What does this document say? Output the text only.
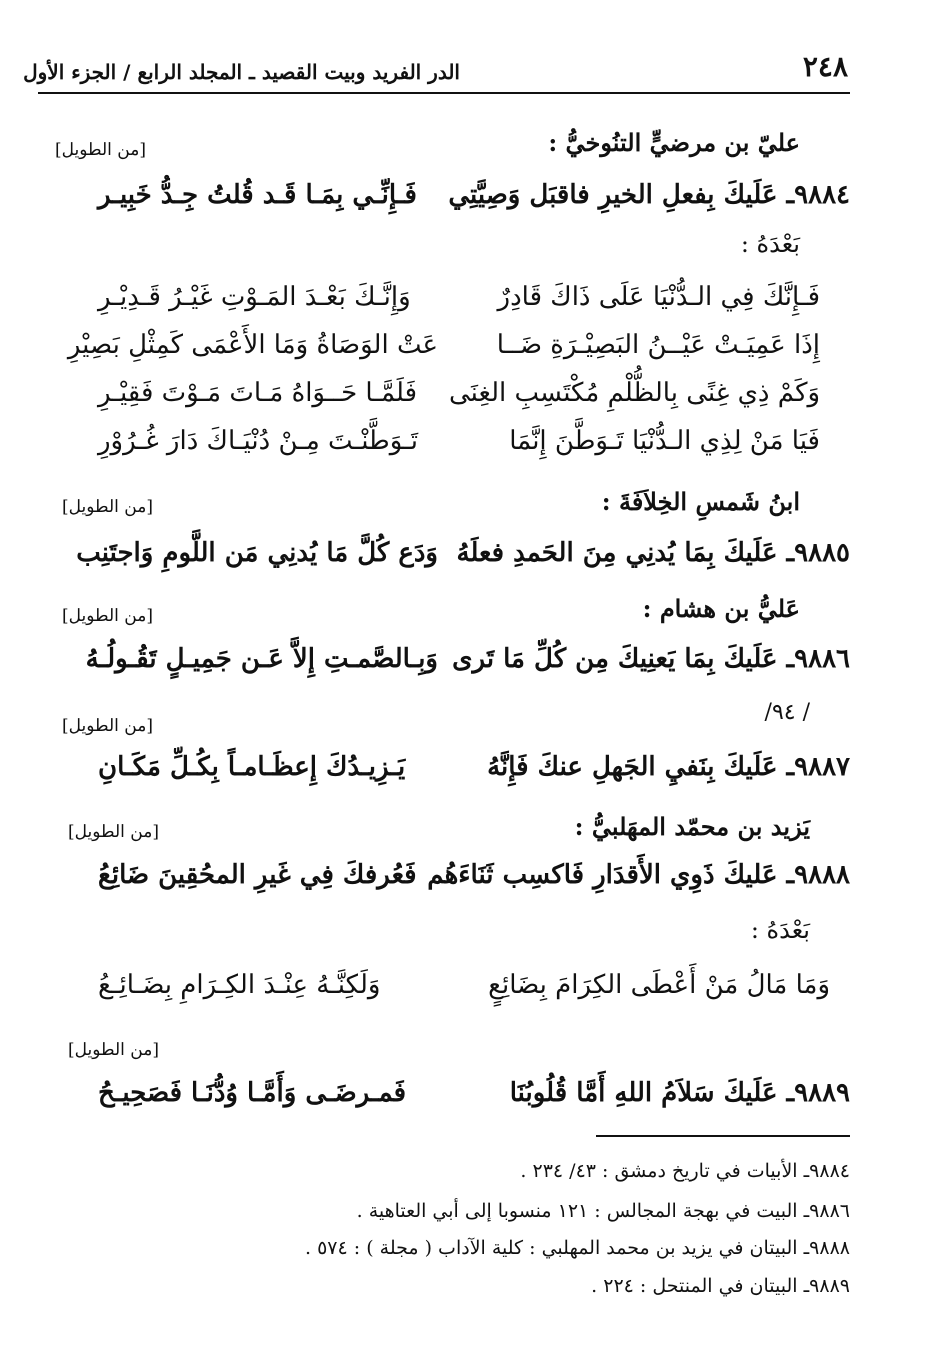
٢٤٨
الدر الفريد وبيت القصيد ـ المجلد الرابع / الجزء الأول
عليّ بن مرضيٍّ التنُوخيُّ :
[من الطويل]
٩٨٨٤ـ عَلَيكَ بِفعلِ الخيرِ فاقبَل وَصِيَّتِي
فَـإِنِّـي بِمَـا قَـد قُلتُ جِـدُّ خَبِيـر
بَعْدَهُ :
فَـإِنَّكَ فِي الـدُّنْيَا عَلَى ذَاكَ قَادِرٌ
وَإِنَّـكَ بَعْـدَ المَـوْتِ غَيْـرُ قَـدِيْـرِ
إِذَا عَمِيَـتْ عَيْــنُ البَصِيْـرَةِ ضَــا
عَتْ الوَصَاةُ وَمَا الأَعْمَى كَمِثْلِ بَصِيْرِ
وَكَمْ ذِي غِنًى بِالظُّلْمِ مُكْتَسِبِ الغِنَى
فَلَمَّـا حَــوَاهُ مَـاتَ مَـوْتَ فَقِيْـرِ
فَيَا مَنْ لِذِي الـدُّنْيَا تَـوَطَّنَ إِنَّمَا
تَـوَطَّنْـتَ مِـنْ دُنْيَـاكَ دَارَ غُـرُوْرِ
ابنُ شَمسِ الخِلاَفَةَ :
[من الطويل]
٩٨٨٥ـ عَلَيكَ بِمَا يُدنِي مِنَ الحَمدِ فعلَهُ
وَدَع كُلَّ مَا يُدنِي مَن اللَّومِ وَاجتَنِب
عَليُّ بن هشام :
[من الطويل]
٩٨٨٦ـ عَلَيكَ بِمَا يَعنِيكَ مِن كُلِّ مَا تَرى
وَبِـالصَّمـتِ إِلاَّ عَـن جَمِيـلٍ تَقُـولُـهُ
/ ٩٤/
[من الطويل]
٩٨٨٧ـ عَلَيكَ بِنَفيِ الجَهلِ عنكَ فَإِنَّهُ
يَـزِيـدُكَ إِعظَـامـاً بِكُـلِّ مَكَـانِ
يَزيد بن محمّد المهَلبيُّ :
[من الطويل]
٩٨٨٨ـ عَليكَ ذَوِي الأَقدَارِ فَاكسِب ثَنَاءَهُم
فَعُرفكَ فِي غَيرِ المحُقِينَ ضَائِعُ
بَعْدَهُ :
وَمَا مَالُ مَنْ أَعْطَى الكِرَامَ بِضَائِعٍ
وَلَكِنَّـهُ عِنْـدَ الكِـرَامِ بِضَـائِـعُ
[من الطويل]
٩٨٨٩ـ عَلَيكَ سَلاَمُ اللهِ أَمَّا قُلُوبُنَا
فَمـرضَـى وَأَمَّـا وُدُّنَـا فَصَحِيـحُ
٩٨٨٤ـ الأبيات في تاريخ دمشق : ٤٣/ ٢٣٤ .
٩٨٨٦ـ البيت في بهجة المجالس : ١٢١ منسوبا إلى أبي العتاهية .
٩٨٨٨ـ البيتان في يزيد بن محمد المهلبي : كلية الآداب ( مجلة ) : ٥٧٤ .
٩٨٨٩ـ البيتان في المنتحل : ٢٢٤ .
